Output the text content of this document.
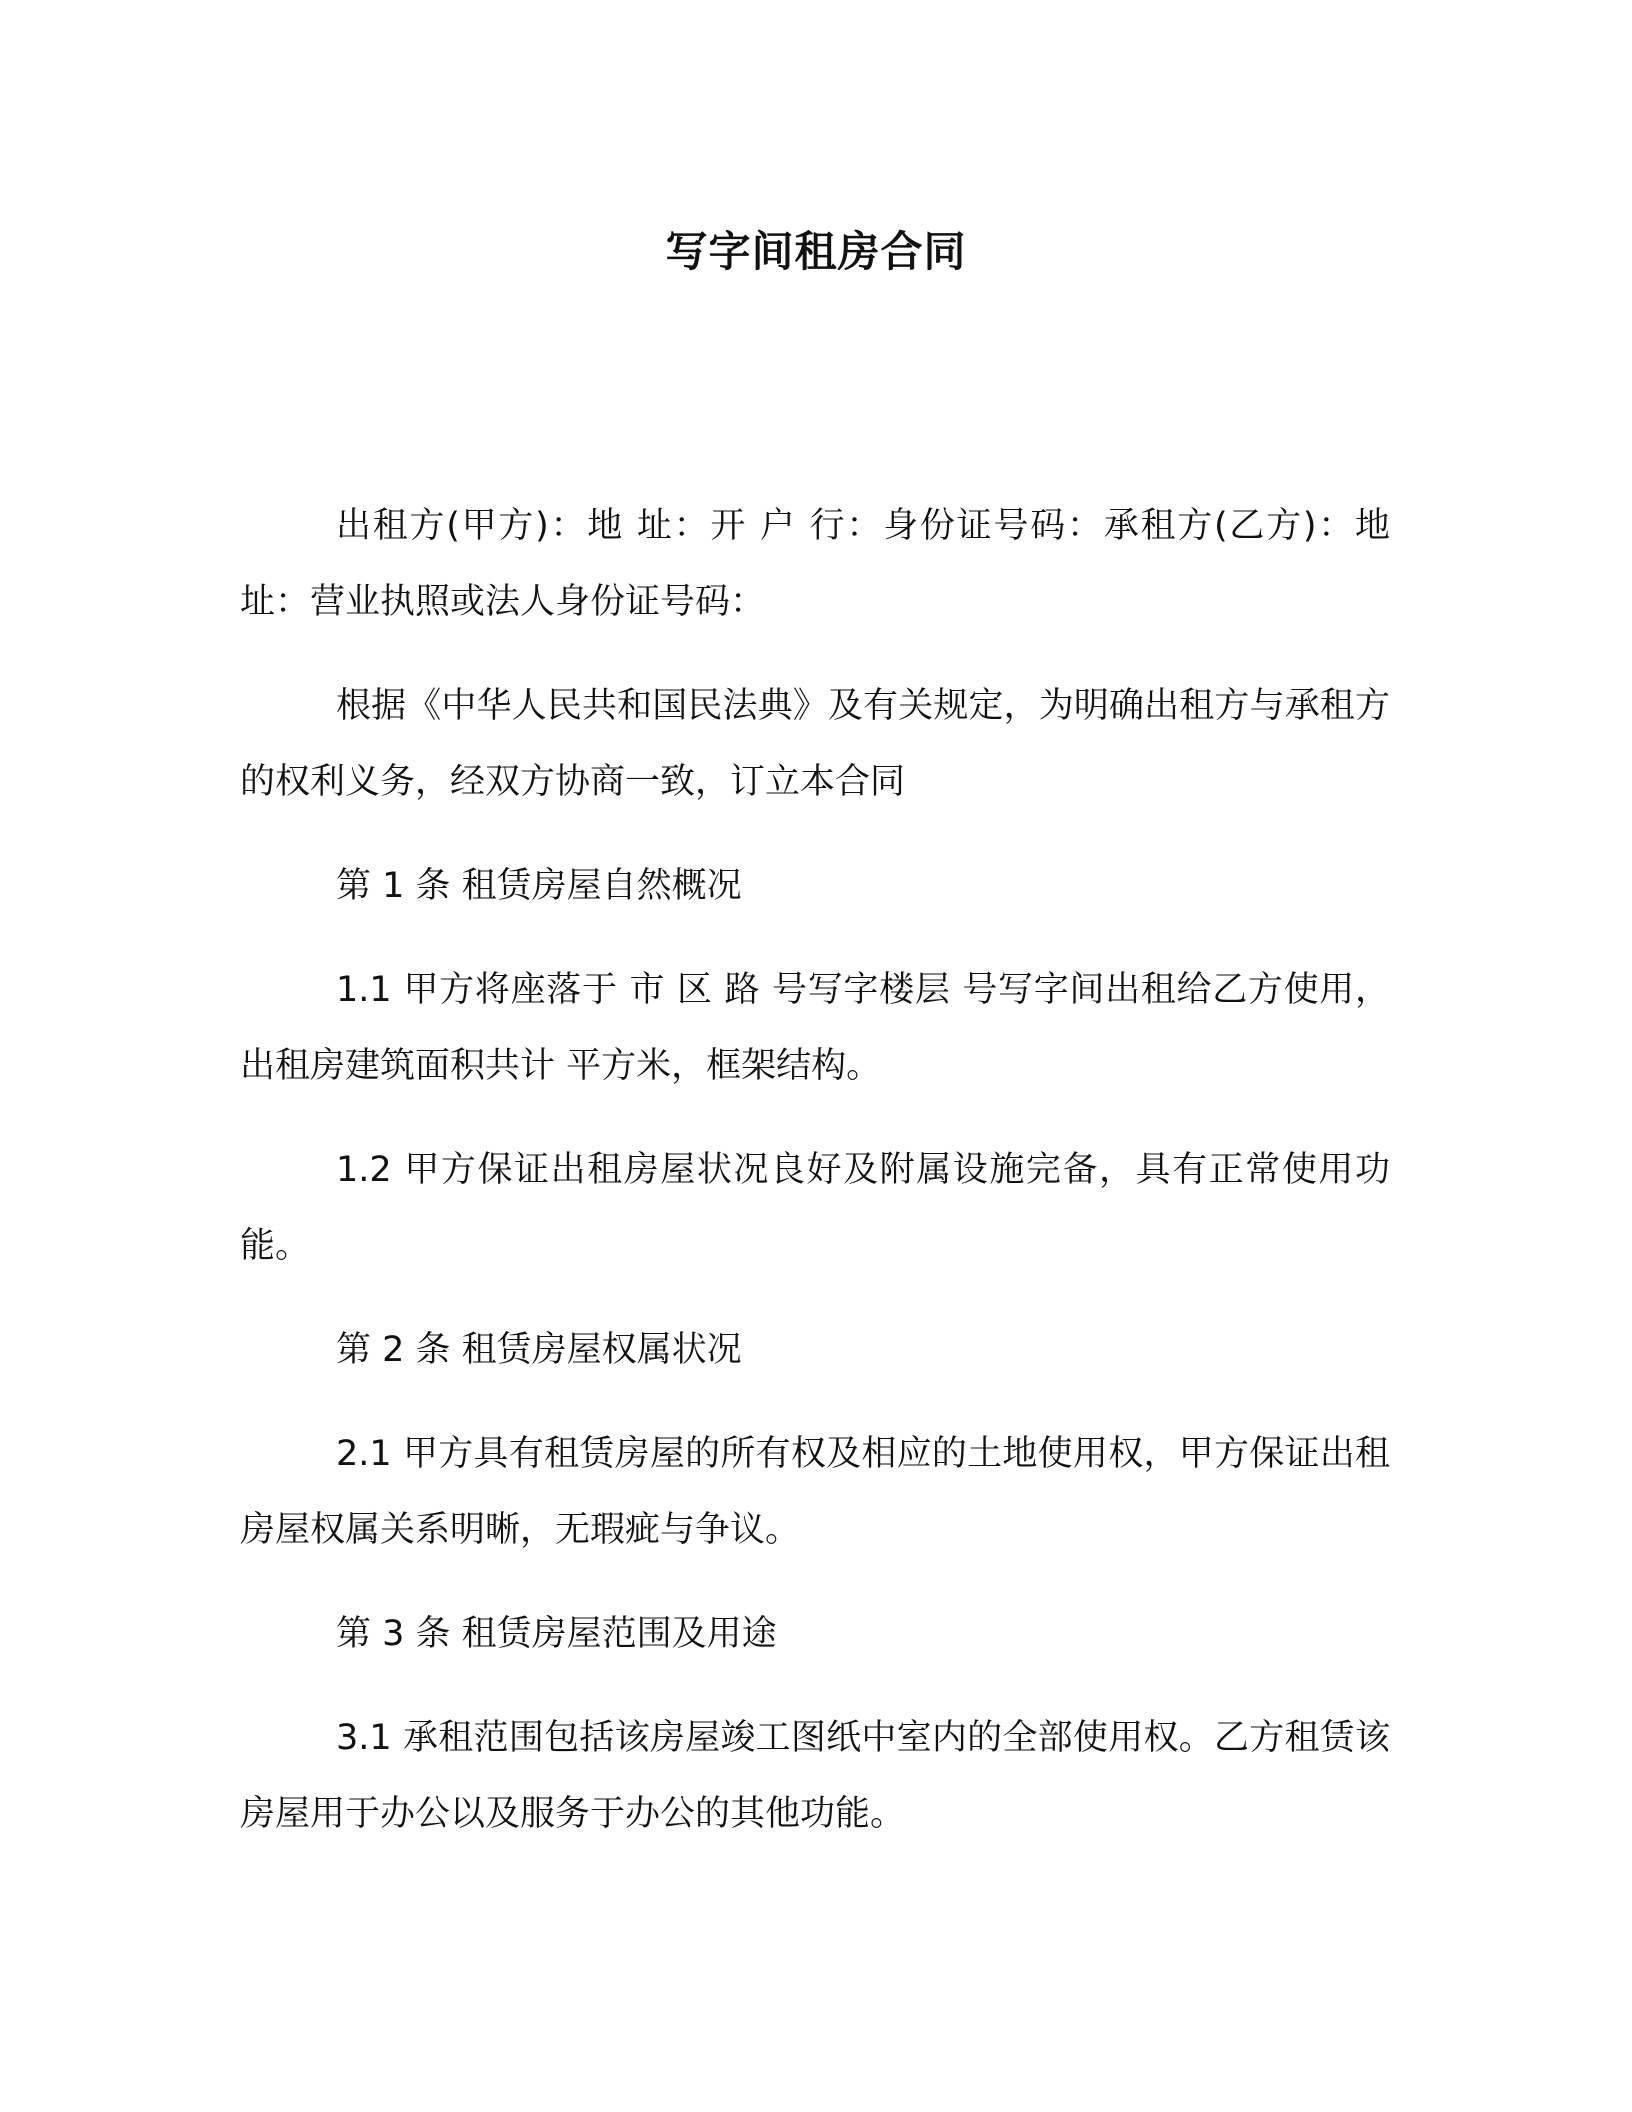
写字间租房合同

出租方(甲方)：地 址：开 户 行：身份证号码：承租方(乙方)：地 址：营业执照或法人身份证号码：

根据《中华人民共和国民法典》及有关规定，为明确出租方与承租方的权利义务，经双方协商一致，订立本合同

第 1 条 租赁房屋自然概况

1.1 甲方将座落于 市 区 路 号写字楼层 号写字间出租给乙方使用，出租房建筑面积共计 平方米，框架结构。

1.2 甲方保证出租房屋状况良好及附属设施完备，具有正常使用功能。

第 2 条 租赁房屋权属状况

2.1 甲方具有租赁房屋的所有权及相应的土地使用权，甲方保证出租房屋权属关系明晰，无瑕疵与争议。

第 3 条 租赁房屋范围及用途

3.1 承租范围包括该房屋竣工图纸中室内的全部使用权。乙方租赁该房屋用于办公以及服务于办公的其他功能。
